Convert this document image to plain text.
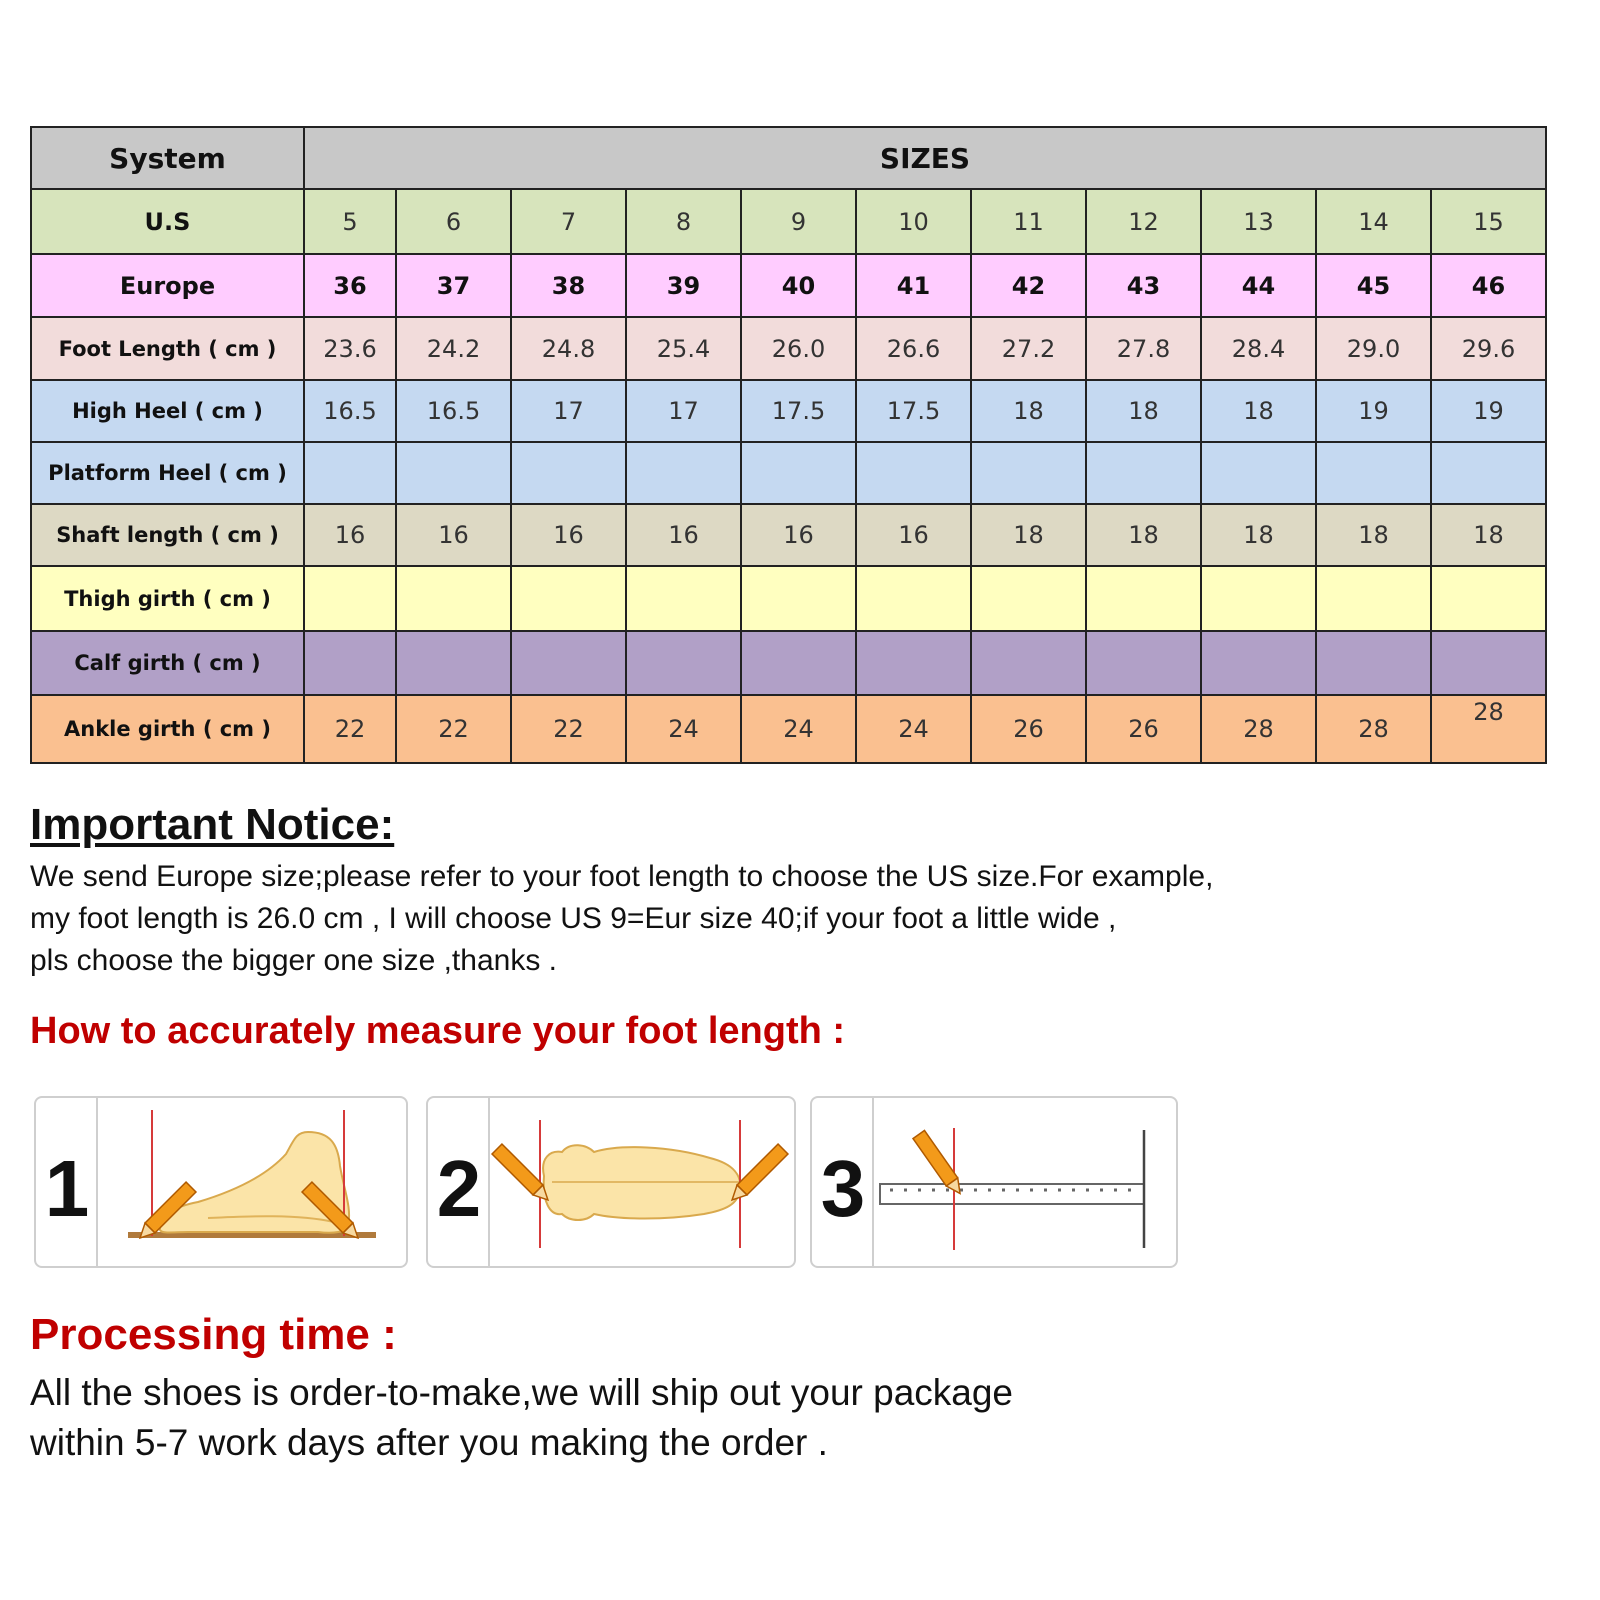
System	SIZES										
U.S	5	6	7	8	9	10	11	12	13	14	15
Europe	36	37	38	39	40	41	42	43	44	45	46
Foot Length ( cm )	23.6	24.2	24.8	25.4	26.0	26.6	27.2	27.8	28.4	29.0	29.6
High Heel ( cm )	16.5	16.5	17	17	17.5	17.5	18	18	18	19	19
Platform Heel ( cm )											
Shaft length ( cm )	16	16	16	16	16	16	18	18	18	18	18
Thigh girth ( cm )											
Calf girth ( cm )											
Ankle girth ( cm )	22	22	22	24	24	24	26	26	28	28	28
Important Notice:
We send Europe size;please refer to your foot length to choose the US size.For example,
my foot length is 26.0 cm , I will choose US 9=Eur size 40;if your foot a little wide ,
pls choose the bigger one size ,thanks .
How to accurately measure your foot length :
1	2	3
Processing time :
All the shoes is order-to-make,we will ship out your package
within 5-7 work days after you making the order .
